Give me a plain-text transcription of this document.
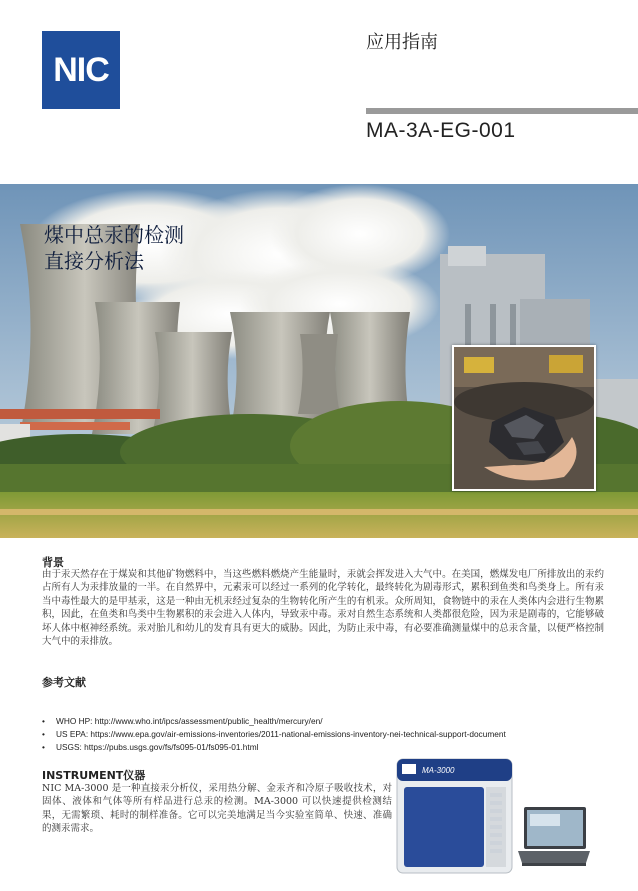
NIC
应用指南
MA-3A-EG-001
煤中总汞的检测
直接分析法
背景

由于汞天然存在于煤炭和其他矿物燃料中，当这些燃料燃烧产生能量时，汞就会挥发进入大气中。在美国，燃煤发电厂所排放出的汞约占所有人为汞排放量的一半。在自然界中，元素汞可以经过一系列的化学转化，最终转化为剧毒形式，累积到鱼类和鸟类身上。所有汞当中毒性最大的是甲基汞，这是一种由无机汞经过复杂的生物转化所产生的有机汞。众所周知，食物链中的汞在人类体内会进行生物累积，因此，在鱼类和鸟类中生物累积的汞会进入人体内，导致汞中毒。汞对自然生态系统和人类都很危险，因为汞是剧毒的，它能够破坏人体中枢神经系统。汞对胎儿和幼儿的发育具有更大的威胁。因此，为防止汞中毒，有必要准确测量煤中的总汞含量，以便严格控制大气中的汞排放。

参考文献
• WHO HP: http://www.who.int/ipcs/assessment/public_health/mercury/en/
• US EPA: https://www.epa.gov/air-emissions-inventories/2011-national-emissions-inventory-nei-technical-support-document
• USGS: https://pubs.usgs.gov/fs/fs095-01/fs095-01.html
INSTRUMENT仪器

NIC MA-3000 是一种直接汞分析仪，采用热分解、金汞齐和冷原子吸收技术，对固体、液体和气体等所有样品进行总汞的检测。MA-3000 可以快速提供检测结果，无需繁琐、耗时的制样准备。它可以完美地满足当今实验室简单、快速、准确的测汞需求。

MA-3000
